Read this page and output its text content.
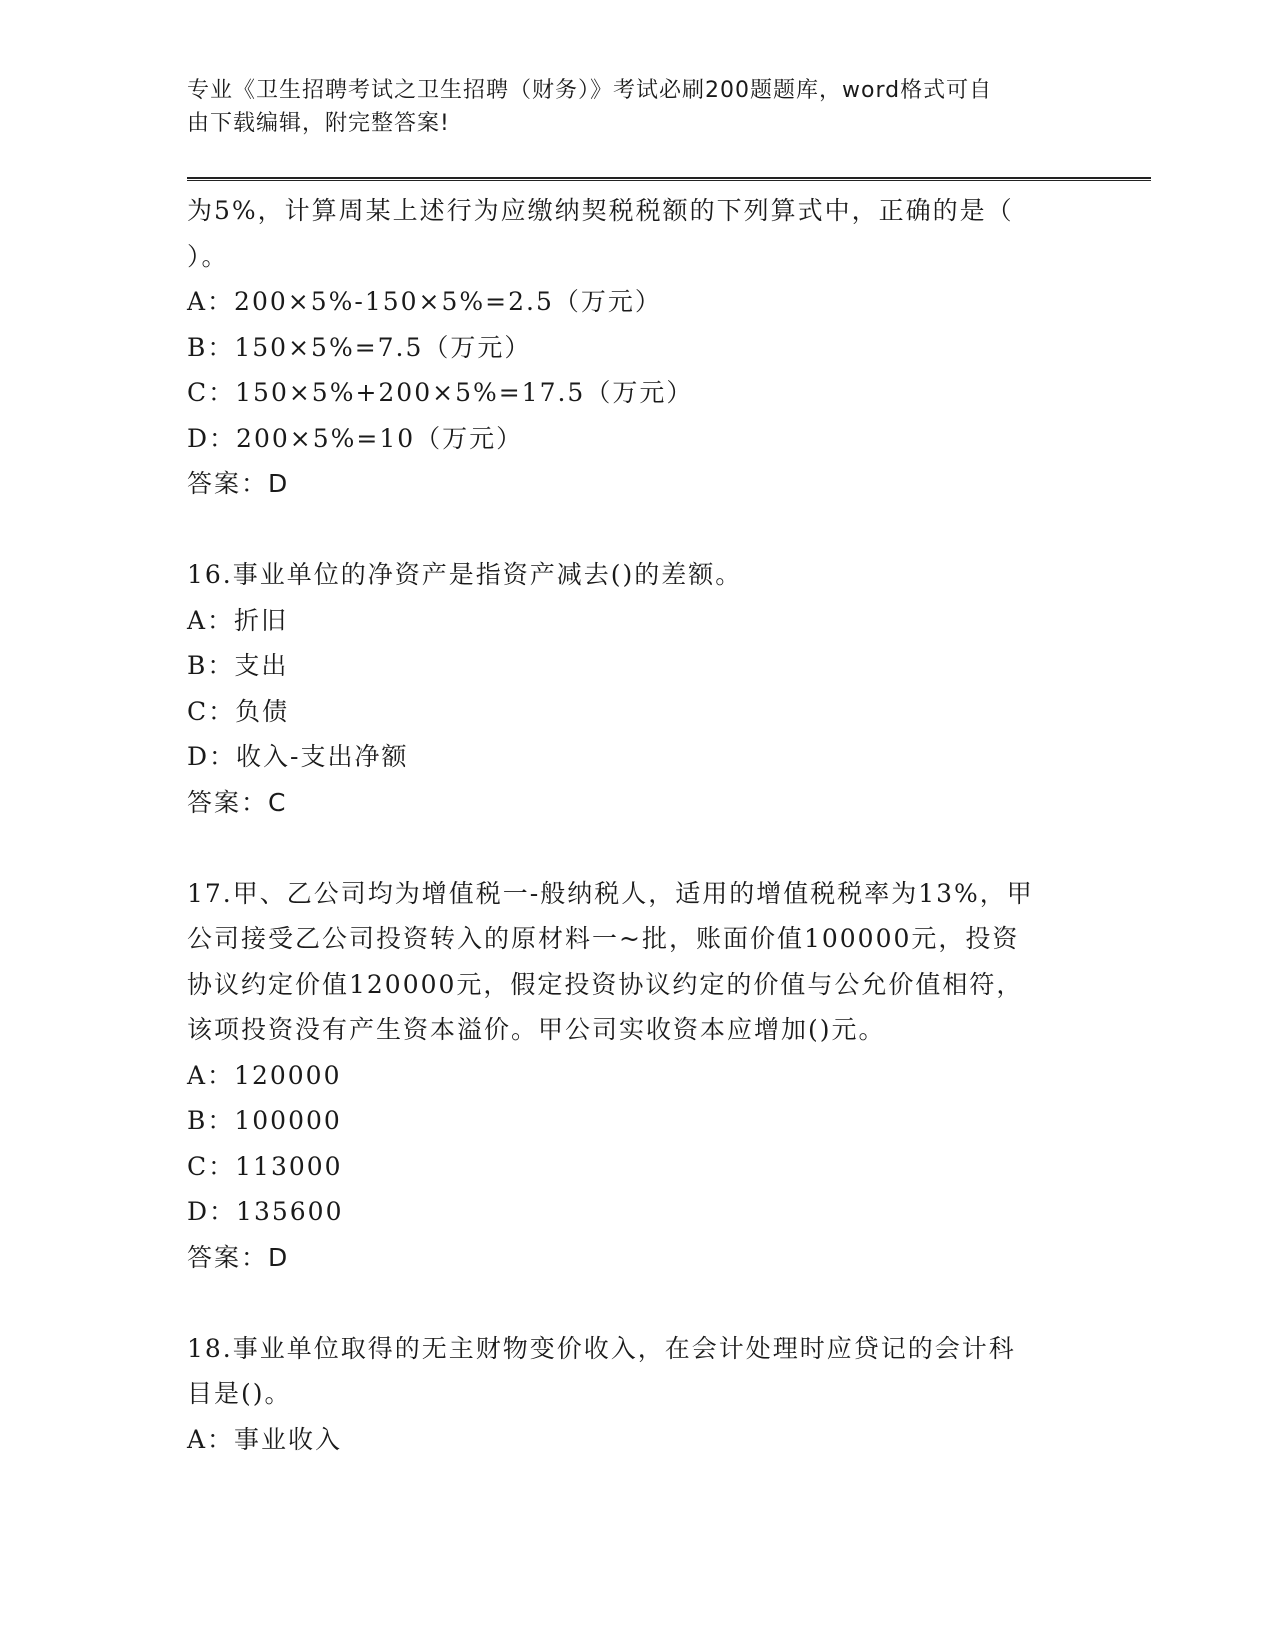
专业《卫生招聘考试之卫生招聘（财务）》考试必刷200题题库，word格式可自
由下载编辑，附完整答案!
为5%，计算周某上述行为应缴纳契税税额的下列算式中，正确的是（
）。
A：200×5%-150×5%=2.5（万元）
B：150×5%=7.5（万元）
C：150×5%+200×5%=17.5（万元）
D：200×5%=10（万元）
答案：D
16.事业单位的净资产是指资产减去()的差额。
A：折旧
B：支出
C：负债
D：收入-支出净额
答案：C
17.甲、乙公司均为增值税一-般纳税人，适用的增值税税率为13%，甲
公司接受乙公司投资转入的原材料一~批，账面价值100000元，投资
协议约定价值120000元，假定投资协议约定的价值与公允价值相符，
该项投资没有产生资本溢价。甲公司实收资本应增加()元。
A：120000
B：100000
C：113000
D：135600
答案：D
18.事业单位取得的无主财物变价收入，在会计处理时应贷记的会计科
目是()。
A：事业收入
